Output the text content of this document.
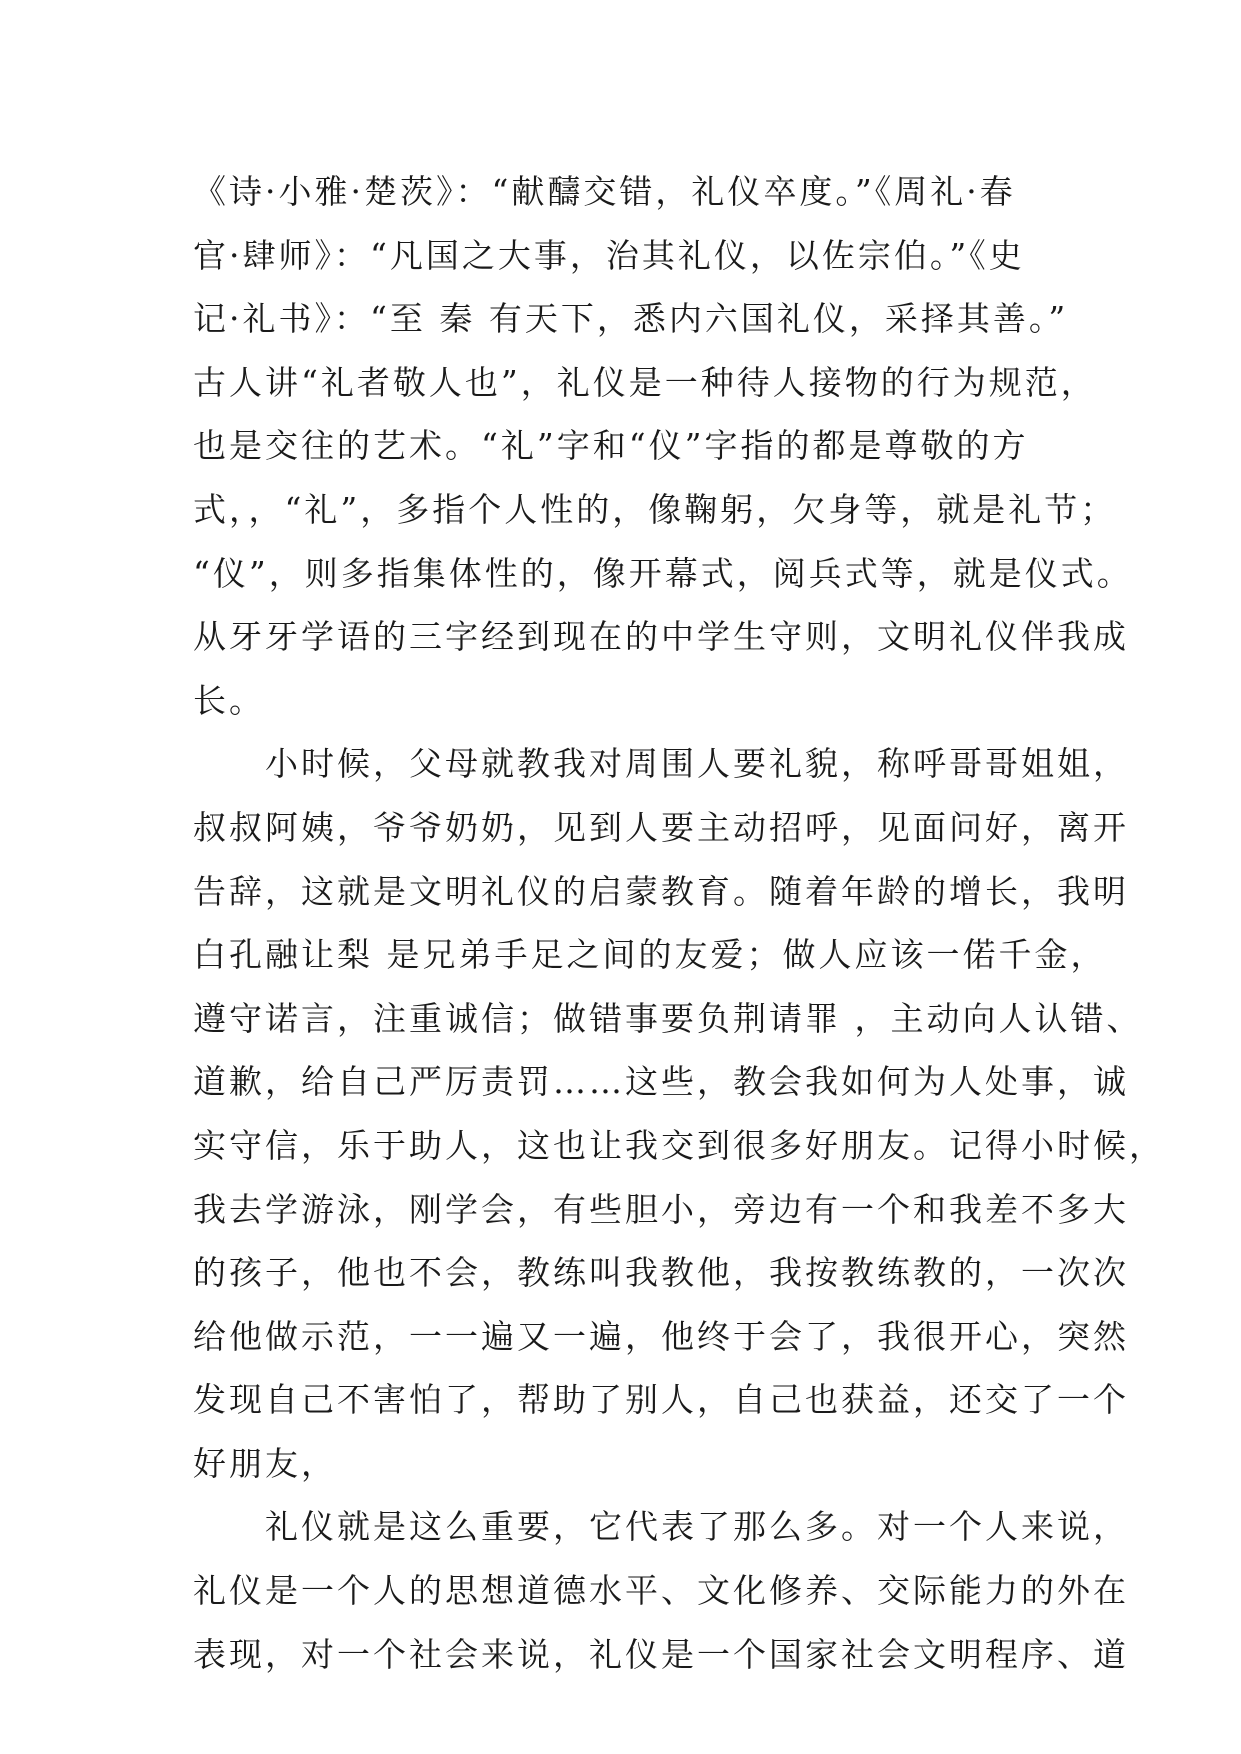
《诗·小雅·楚茨》：“献醻交错，礼仪卒度。”《周礼·春
官·肆师》：“凡国之大事，治其礼仪，以佐宗伯。”《史
记·礼书》：“至 秦 有天下，悉内六国礼仪，采择其善。”
古人讲“礼者敬人也”，礼仪是一种待人接物的行为规范，
也是交往的艺术。“礼”字和“仪”字指的都是尊敬的方
式，，“礼”，多指个人性的，像鞠躬，欠身等，就是礼节；
“仪”，则多指集体性的，像开幕式，阅兵式等，就是仪式。
从牙牙学语的三字经到现在的中学生守则，文明礼仪伴我成
长。
　　小时候，父母就教我对周围人要礼貌，称呼哥哥姐姐，
叔叔阿姨，爷爷奶奶，见到人要主动招呼，见面问好，离开
告辞，这就是文明礼仪的启蒙教育。随着年龄的增长，我明
白孔融让梨 是兄弟手足之间的友爱；做人应该一偌千金，
遵守诺言，注重诚信；做错事要负荆请罪 ，主动向人认错、
道歉，给自己严厉责罚……这些，教会我如何为人处事，诚
实守信，乐于助人，这也让我交到很多好朋友。记得小时候，
我去学游泳，刚学会，有些胆小，旁边有一个和我差不多大
的孩子，他也不会，教练叫我教他，我按教练教的，一次次
给他做示范，一一遍又一遍，他终于会了，我很开心，突然
发现自己不害怕了，帮助了别人，自己也获益，还交了一个
好朋友，
　　礼仪就是这么重要，它代表了那么多。对一个人来说，
礼仪是一个人的思想道德水平、文化修养、交际能力的外在
表现，对一个社会来说，礼仪是一个国家社会文明程序、道
